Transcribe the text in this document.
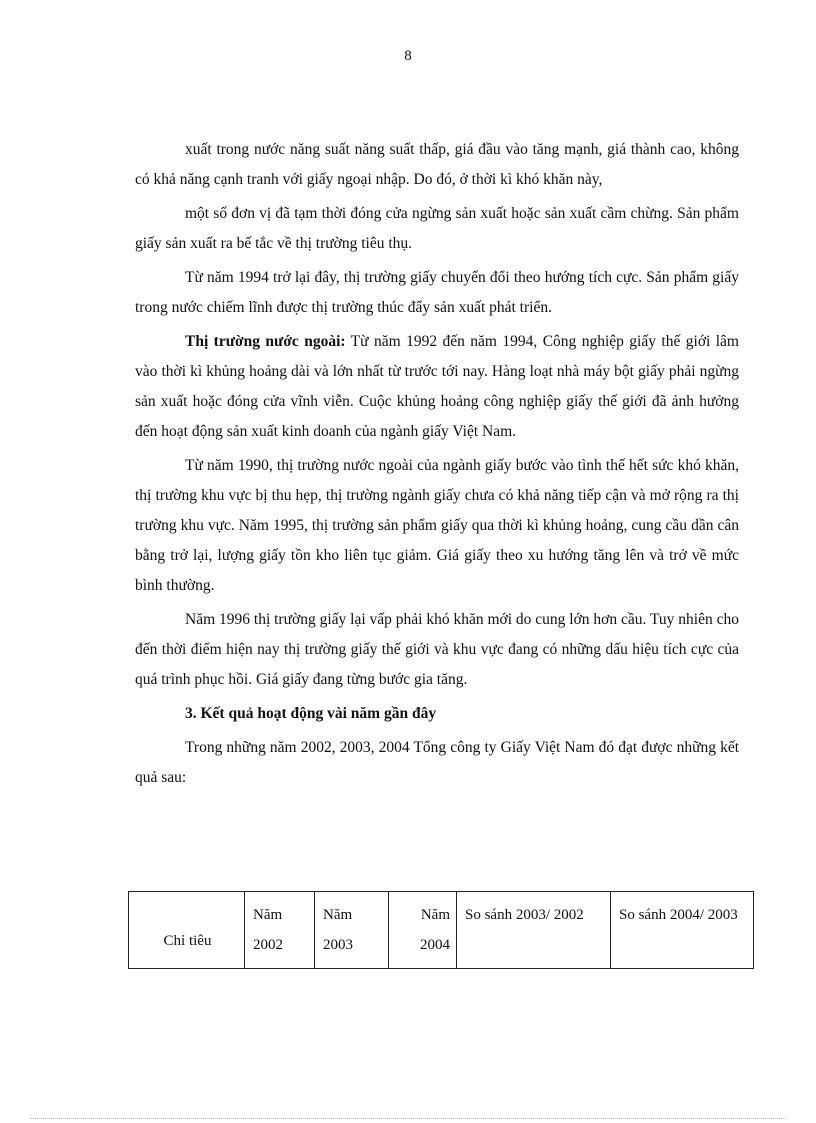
8

xuất trong nước năng suất năng suất thấp, giá đầu vào tăng mạnh, giá thành cao, không có khả năng cạnh tranh với giấy ngoại nhập. Do đó, ở thời kì khó khăn này,

một số đơn vị đã tạm thời đóng cửa ngừng sản xuất hoặc sản xuất cầm chừng. Sản phẩm giấy sản xuất ra bế tắc về thị trường tiêu thụ.

Từ năm 1994 trở lại đây, thị trường giấy chuyển đổi theo hướng tích cực. Sản phẩm giấy trong nước chiếm lĩnh được thị trường thúc đẩy sản xuất phát triển.

Thị trường nước ngoài: Từ năm 1992 đến năm 1994, Công nghiệp giấy thế giới lâm vào thời kì khủng hoảng dài và lớn nhất từ trước tới nay. Hàng loạt nhà máy bột giấy phải ngừng sản xuất hoặc đóng cửa vĩnh viễn. Cuộc khủng hoảng công nghiệp giấy thế giới đã ảnh hưởng đến hoạt động sản xuất kinh doanh của ngành giấy Việt Nam.

Từ năm 1990, thị trường nước ngoài của ngành giấy bước vào tình thế hết sức khó khăn, thị trường khu vực bị thu hẹp, thị trường ngành giấy chưa có khả năng tiếp cận và mở rộng ra thị trường khu vực. Năm 1995, thị trường sản phẩm giấy qua thời kì khủng hoảng, cung cầu dần cân bằng trở lại, lượng giấy tồn kho liên tục giảm. Giá giấy theo xu hướng tăng lên và trở về mức bình thường.

Năm 1996 thị trường giấy lại vấp phải khó khăn mới do cung lớn hơn cầu. Tuy nhiên cho đến thời điểm hiện nay thị trường giấy thế giới và khu vực đang có những dấu hiệu tích cực của quá trình phục hồi. Giá giấy đang từng bước gia tăng.

3. Kết quả hoạt động vài năm gần đây

Trong những năm 2002, 2003, 2004 Tổng công ty Giấy Việt Nam đó đạt được những kết quả sau:

Chỉ tiêu	Năm 2002	Năm 2003	Năm 2004	So sánh 2003/ 2002	So sánh 2004/ 2003
